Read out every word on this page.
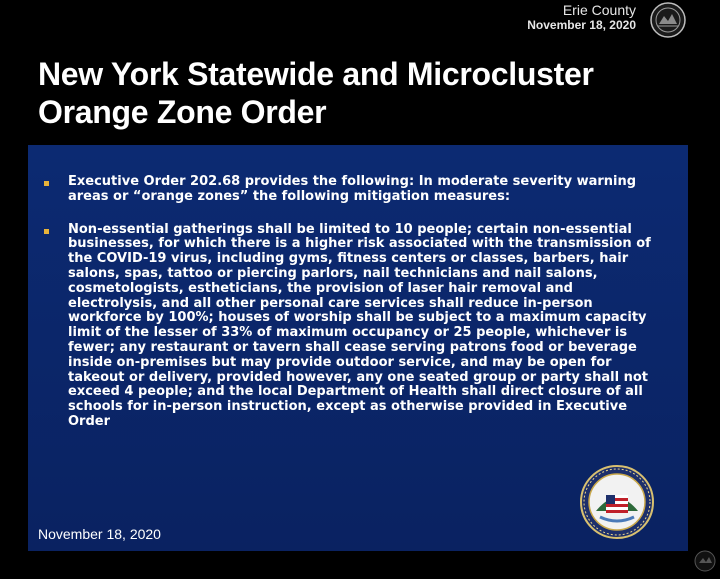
Erie County
November 18, 2020
New York Statewide and Microcluster Orange Zone Order
Executive Order 202.68 provides the following: In moderate severity warning areas or “orange zones” the following mitigation measures:
Non-essential gatherings shall be limited to 10 people; certain non-essential businesses, for which there is a higher risk associated with the transmission of the COVID-19 virus, including gyms, fitness centers or classes, barbers, hair salons, spas, tattoo or piercing parlors, nail technicians and nail salons, cosmetologists, estheticians, the provision of laser hair removal and electrolysis, and all other personal care services shall reduce in-person workforce by 100%; houses of worship shall be subject to a maximum capacity limit of the lesser of 33% of maximum occupancy or 25 people, whichever is fewer; any restaurant or tavern shall cease serving patrons food or beverage inside on-premises but may provide outdoor service, and may be open for takeout or delivery, provided however, any one seated group or party shall not exceed 4 people; and the local Department of Health shall direct closure of all schools for in-person instruction, except as otherwise provided in Executive Order
November 18, 2020
